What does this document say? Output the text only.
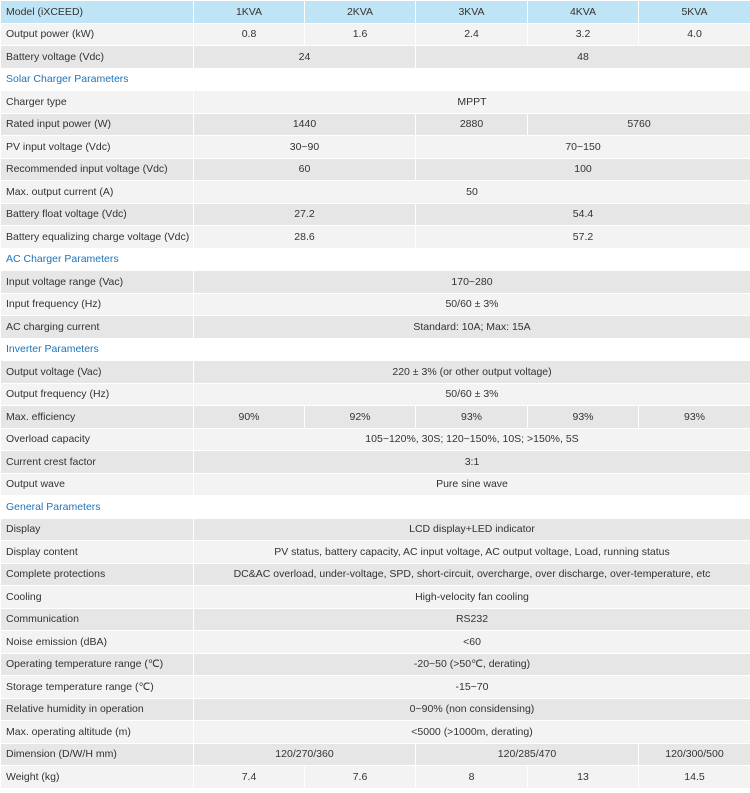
Model (iXCEED)	1KVA	2KVA	3KVA	4KVA	5KVA
Output power (kW)	0.8	1.6	2.4	3.2	4.0
Battery voltage (Vdc)	24		48		
Solar Charger Parameters					
Charger type	MPPT				
Rated input power (W)	1440		2880	5760	
PV input voltage (Vdc)	30~90		70~150		
Recommended input voltage (Vdc)	60		100		
Max. output current (A)	50				
Battery float voltage (Vdc)	27.2		54.4		
Battery equalizing charge voltage (Vdc)	28.6		57.2		
AC Charger Parameters					
Input voltage range (Vac)	170~280				
Input frequency (Hz)	50/60 ± 3%				
AC charging current	Standard: 10A; Max: 15A				
Inverter Parameters					
Output voltage (Vac)	220 ± 3% (or other output voltage)				
Output frequency (Hz)	50/60 ± 3%				
Max. efficiency	90%	92%	93%	93%	93%
Overload capacity	105~120%, 30S; 120~150%, 10S; >150%, 5S				
Current crest factor	3:1				
Output wave	Pure sine wave				
General Parameters					
Display	LCD display+LED indicator				
Display content	PV status, battery capacity, AC input voltage, AC output voltage, Load, running status				
Complete protections	DC&AC overload, under-voltage, SPD, short-circuit, overcharge, over discharge, over-temperature, etc				
Cooling	High-velocity fan cooling				
Communication	RS232				
Noise emission (dBA)	<60				
Operating temperature range (℃)	-20~50 (>50℃, derating)				
Storage temperature range (℃)	-15~70				
Relative humidity in operation	0~90% (non considensing)				
Max. operating altitude (m)	<5000 (>1000m, derating)				
Dimension (D/W/H mm)	120/270/360		120/285/470		120/300/500
Weight (kg)	7.4	7.6	8	13	14.5
